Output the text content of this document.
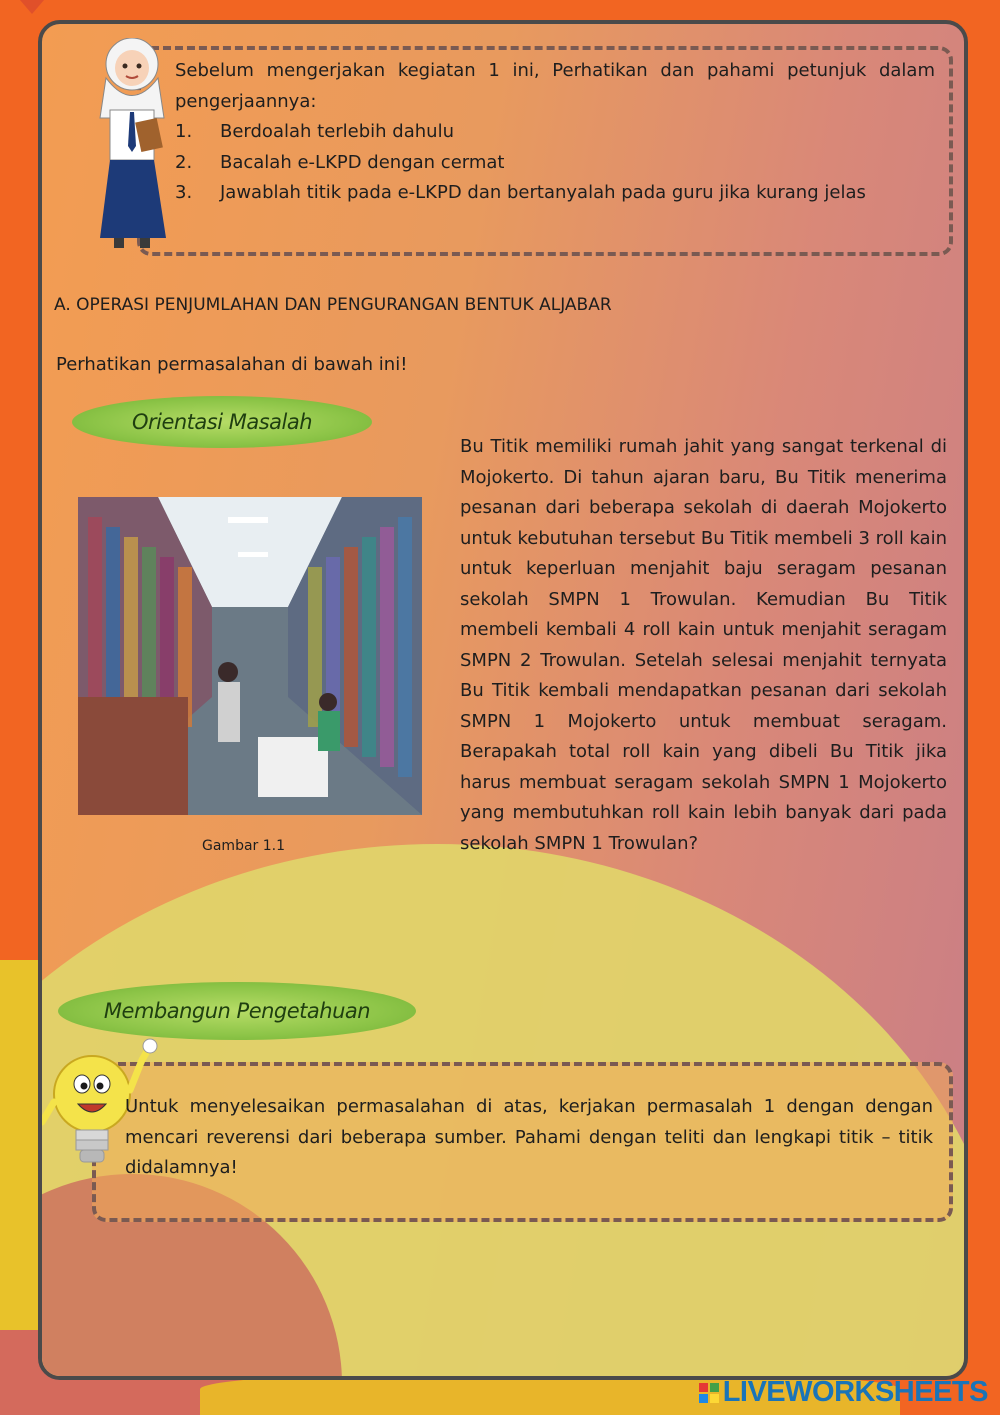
Sebelum mengerjakan kegiatan 1 ini, Perhatikan dan pahami petunjuk dalam pengerjaannya:
1.	Berdoalah terlebih dahulu
2.	Bacalah e-LKPD dengan cermat
3.	Jawablah titik pada e-LKPD dan bertanyalah pada guru jika kurang jelas
A. OPERASI PENJUMLAHAN DAN PENGURANGAN BENTUK ALJABAR
Perhatikan permasalahan di bawah ini!
Orientasi Masalah
Gambar 1.1
Bu Titik memiliki rumah jahit yang sangat terkenal di Mojokerto. Di tahun ajaran baru, Bu Titik menerima pesanan dari beberapa sekolah di daerah Mojokerto untuk kebutuhan tersebut Bu Titik membeli 3 roll kain untuk keperluan menjahit baju seragam pesanan sekolah SMPN 1 Trowulan. Kemudian Bu Titik membeli kembali 4 roll kain untuk menjahit seragam SMPN 2 Trowulan. Setelah selesai menjahit ternyata Bu Titik kembali mendapatkan pesanan dari sekolah SMPN 1 Mojokerto untuk membuat seragam. Berapakah total roll kain yang dibeli Bu Titik jika harus membuat seragam sekolah SMPN 1 Mojokerto yang membutuhkan roll kain lebih banyak dari pada sekolah SMPN 1 Trowulan?
Membangun Pengetahuan
Untuk menyelesaikan permasalahan di atas, kerjakan permasalah 1 dengan dengan mencari reverensi dari beberapa sumber. Pahami dengan teliti dan lengkapi titik – titik didalamnya!
LIVEWORKSHEETS
